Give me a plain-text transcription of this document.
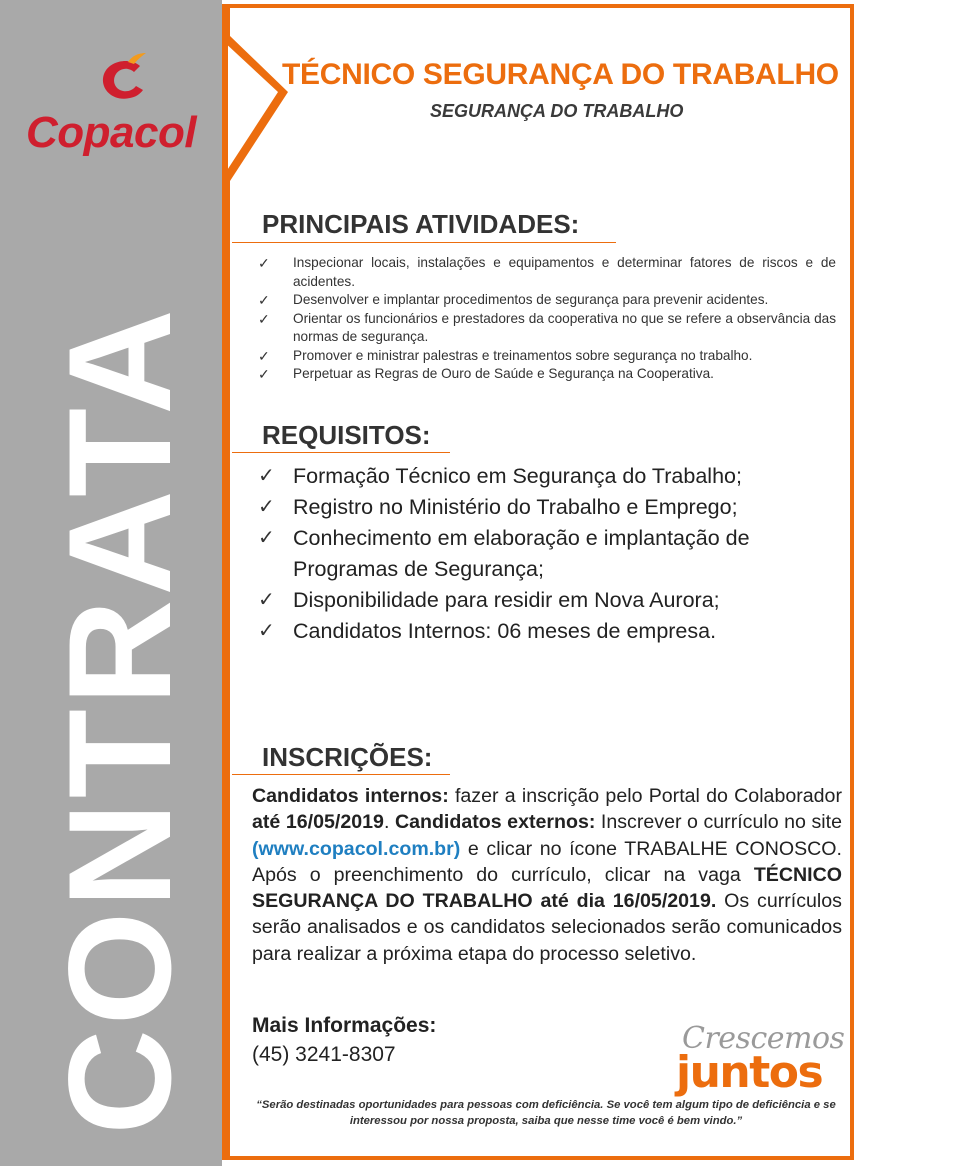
CONTRATA
Copacol
TÉCNICO SEGURANÇA DO TRABALHO
SEGURANÇA DO TRABALHO
PRINCIPAIS ATIVIDADES:
✓ Inspecionar locais, instalações e equipamentos e determinar fatores de riscos e de acidentes.
✓ Desenvolver e implantar procedimentos de segurança para prevenir acidentes.
✓ Orientar os funcionários e prestadores da cooperativa no que se refere a observância das normas de segurança.
✓ Promover e ministrar palestras e treinamentos sobre segurança no trabalho.
✓ Perpetuar as Regras de Ouro de Saúde e Segurança na Cooperativa.
REQUISITOS:
✓ Formação Técnico em Segurança do Trabalho;
✓ Registro no Ministério do Trabalho e Emprego;
✓ Conhecimento em elaboração e implantação de Programas de Segurança;
✓ Disponibilidade para residir em Nova Aurora;
✓ Candidatos Internos: 06 meses de empresa.
INSCRIÇÕES:

Candidatos internos: fazer a inscrição pelo Portal do Colaborador até 16/05/2019. Candidatos externos: Inscrever o currículo no site (www.copacol.com.br) e clicar no ícone TRABALHE CONOSCO. Após o preenchimento do currículo, clicar na vaga TÉCNICO SEGURANÇA DO TRABALHO até dia 16/05/2019. Os currículos serão analisados e os candidatos selecionados serão comunicados para realizar a próxima etapa do processo seletivo.

Mais Informações:
(45) 3241-8307	Crescemos
juntos

“Serão destinadas oportunidades para pessoas com deficiência. Se você tem algum tipo de deficiência e se interessou por nossa proposta, saiba que nesse time você é bem vindo.”
